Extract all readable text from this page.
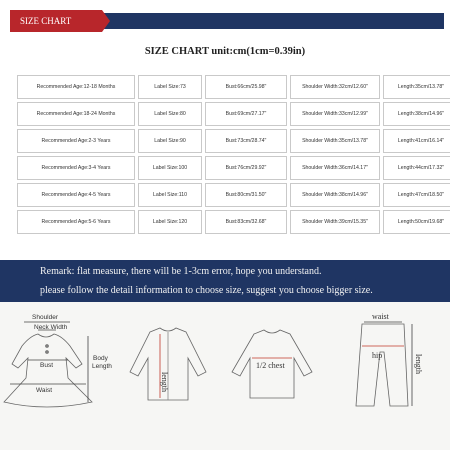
SIZE CHART
SIZE CHART unit:cm(1cm=0.39in)
Recommended Age:12-18 Months	Label Size:73	Bust:66cm/25.98"	Shoulder Width:32cm/12.60"	Length:35cm/13.78"
Recommended Age:18-24 Months	Label Size:80	Bust:69cm/27.17"	Shoulder Width:33cm/12.99"	Length:38cm/14.96"
Recommended Age:2-3 Years	Label Size:90	Bust:73cm/28.74"	Shoulder Width:35cm/13.78"	Length:41cm/16.14"
Recommended Age:3-4 Years	Label Size:100	Bust:76cm/29.92"	Shoulder Width:36cm/14.17"	Length:44cm/17.32"
Recommended Age:4-5 Years	Label Size:110	Bust:80cm/31.50"	Shoulder Width:38cm/14.96"	Length:47cm/18.50"
Recommended Age:5-6 Years	Label Size:120	Bust:83cm/32.68"	Shoulder Width:39cm/15.35"	Length:50cm/19.68"
Remark: flat measure, there will be 1-3cm error, hope you understand.
please follow the detail information to choose size, suggest you choose bigger size.
Shoulder
Neck Width
Bust
Waist
Body
Length
length
1/2 chest
waist
hip	length
